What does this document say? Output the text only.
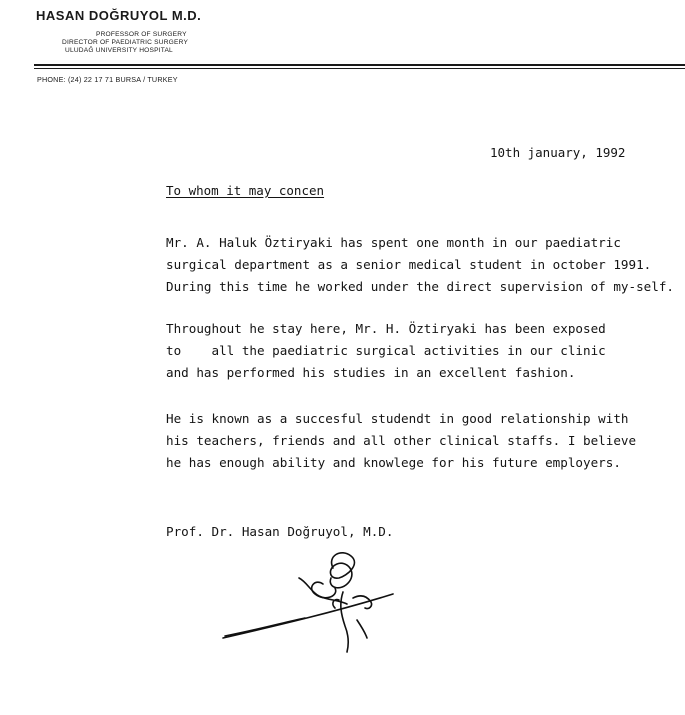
HASAN DOĞRUYOL M.D.
PROFESSOR OF SURGERY
DIRECTOR OF PAEDIATRIC SURGERY
ULUDAĞ UNIVERSITY HOSPITAL
PHONE: (24) 22 17 71 BURSA / TURKEY
10th january, 1992
To whom it may concen

Mr. A. Haluk Öztiryaki has spent one month in our paediatric
surgical department as a senior medical student in october 1991.
During this time he worked under the direct supervision of my-self.

Throughout he stay here, Mr. H. Öztiryaki has been exposed
to    all the paediatric surgical activities in our clinic
and has performed his studies in an excellent fashion.

He is known as a succesful studendt in good relationship with
his teachers, friends and all other clinical staffs. I believe
he has enough ability and knowlege for his future employers.

Prof. Dr. Hasan Doğruyol, M.D.
